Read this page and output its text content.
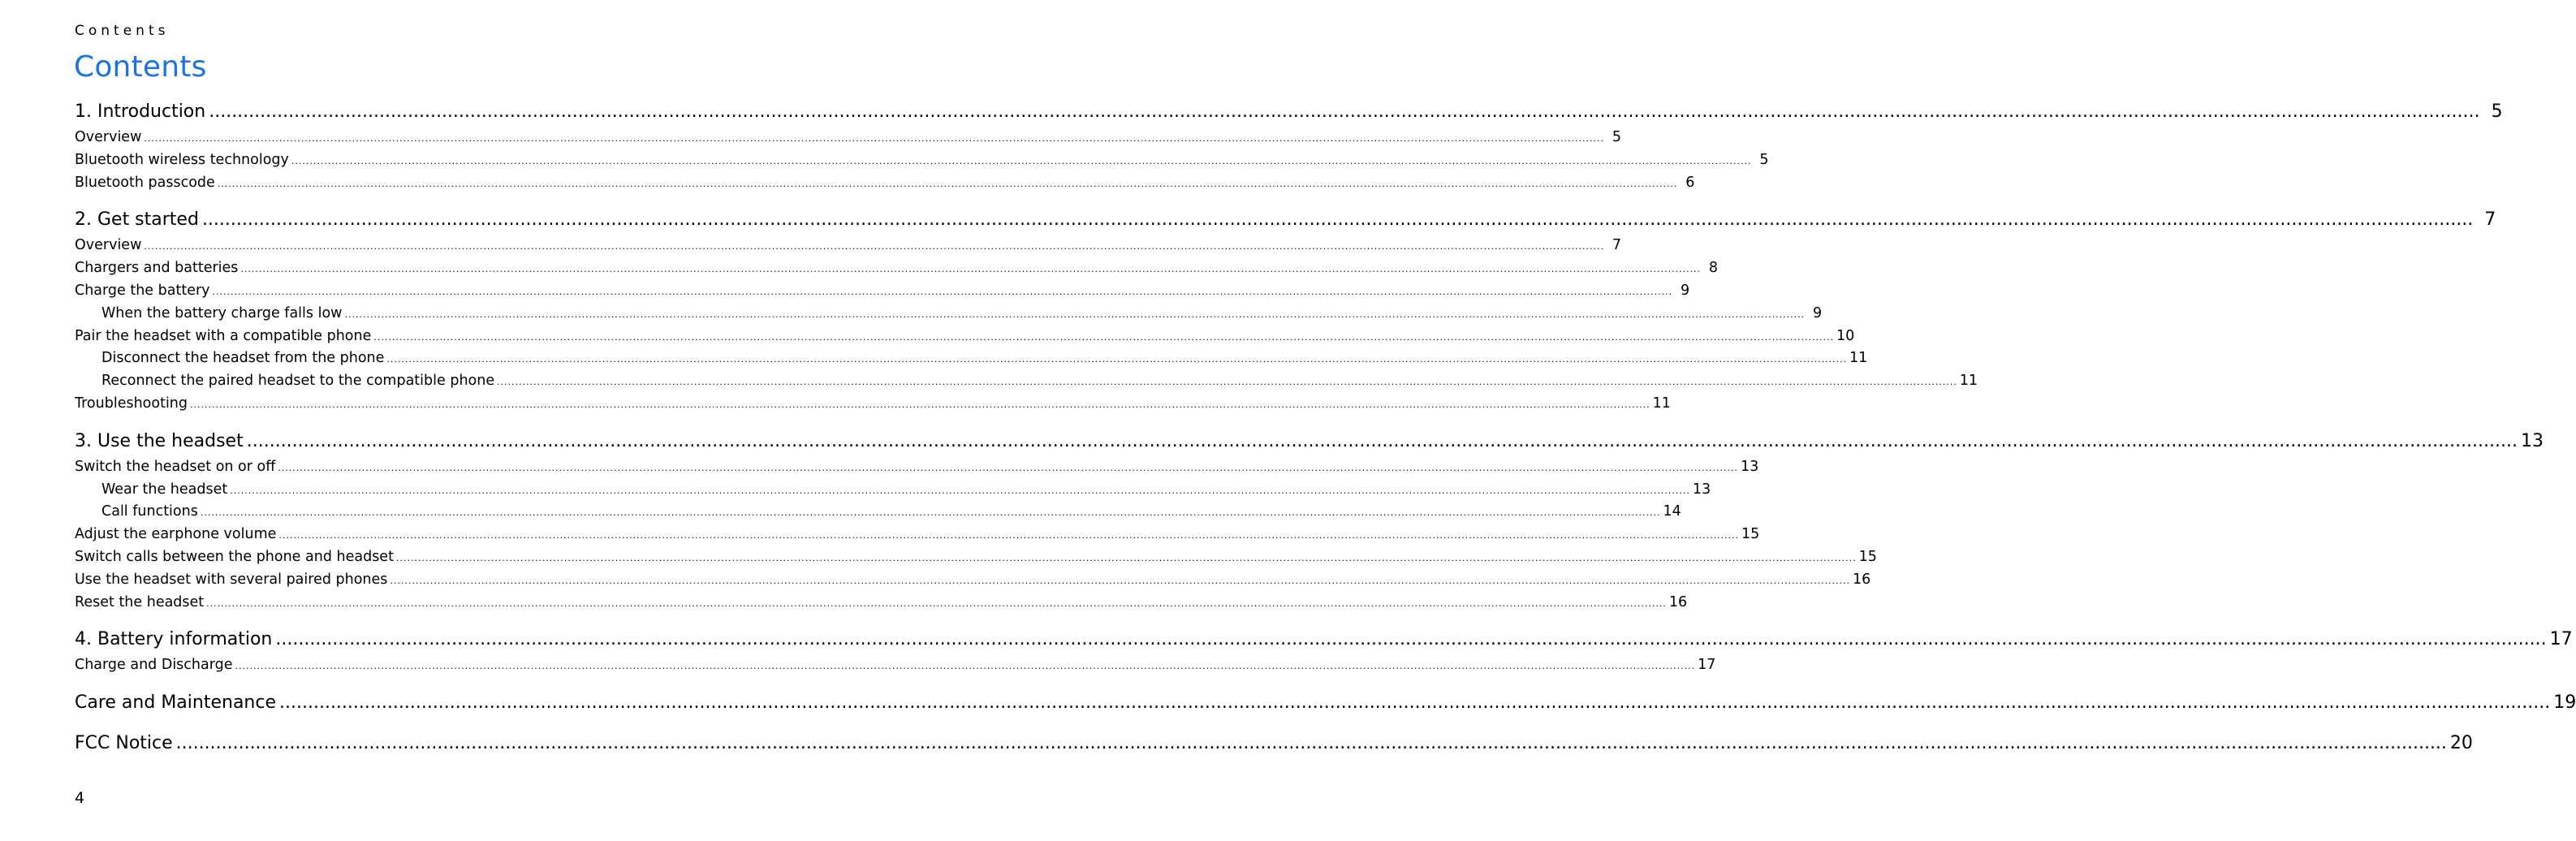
Contents
Contents
1. Introduction ................................................................................................................................................................................................................................................................................................................................................................................................................ 5
Overview ................................................................................................................................................................................................................................................................................................................................................................................................................ 5
Bluetooth wireless technology ................................................................................................................................................................................................................................................................................................................................................................................................................ 5
Bluetooth passcode ................................................................................................................................................................................................................................................................................................................................................................................................................ 6
2. Get started ................................................................................................................................................................................................................................................................................................................................................................................................................ 7
Overview ................................................................................................................................................................................................................................................................................................................................................................................................................ 7
Chargers and batteries ................................................................................................................................................................................................................................................................................................................................................................................................................ 8
Charge the battery ................................................................................................................................................................................................................................................................................................................................................................................................................ 9
When the battery charge falls low ................................................................................................................................................................................................................................................................................................................................................................................................................ 9
Pair the headset with a compatible phone ................................................................................................................................................................................................................................................................................................................................................................................................................ 10
Disconnect the headset from the phone ................................................................................................................................................................................................................................................................................................................................................................................................................ 11
Reconnect the paired headset to the compatible phone ................................................................................................................................................................................................................................................................................................................................................................................................................ 11
Troubleshooting ................................................................................................................................................................................................................................................................................................................................................................................................................ 11
3. Use the headset ................................................................................................................................................................................................................................................................................................................................................................................................................ 13
Switch the headset on or off ................................................................................................................................................................................................................................................................................................................................................................................................................ 13
Wear the headset ................................................................................................................................................................................................................................................................................................................................................................................................................ 13
Call functions ................................................................................................................................................................................................................................................................................................................................................................................................................ 14
Adjust the earphone volume ................................................................................................................................................................................................................................................................................................................................................................................................................ 15
Switch calls between the phone and headset ................................................................................................................................................................................................................................................................................................................................................................................................................ 15
Use the headset with several paired phones ................................................................................................................................................................................................................................................................................................................................................................................................................ 16
Reset the headset ................................................................................................................................................................................................................................................................................................................................................................................................................ 16
4. Battery information ................................................................................................................................................................................................................................................................................................................................................................................................................ 17
Charge and Discharge ................................................................................................................................................................................................................................................................................................................................................................................................................ 17
Care and Maintenance ................................................................................................................................................................................................................................................................................................................................................................................................................ 19
FCC Notice ................................................................................................................................................................................................................................................................................................................................................................................................................ 20
4
